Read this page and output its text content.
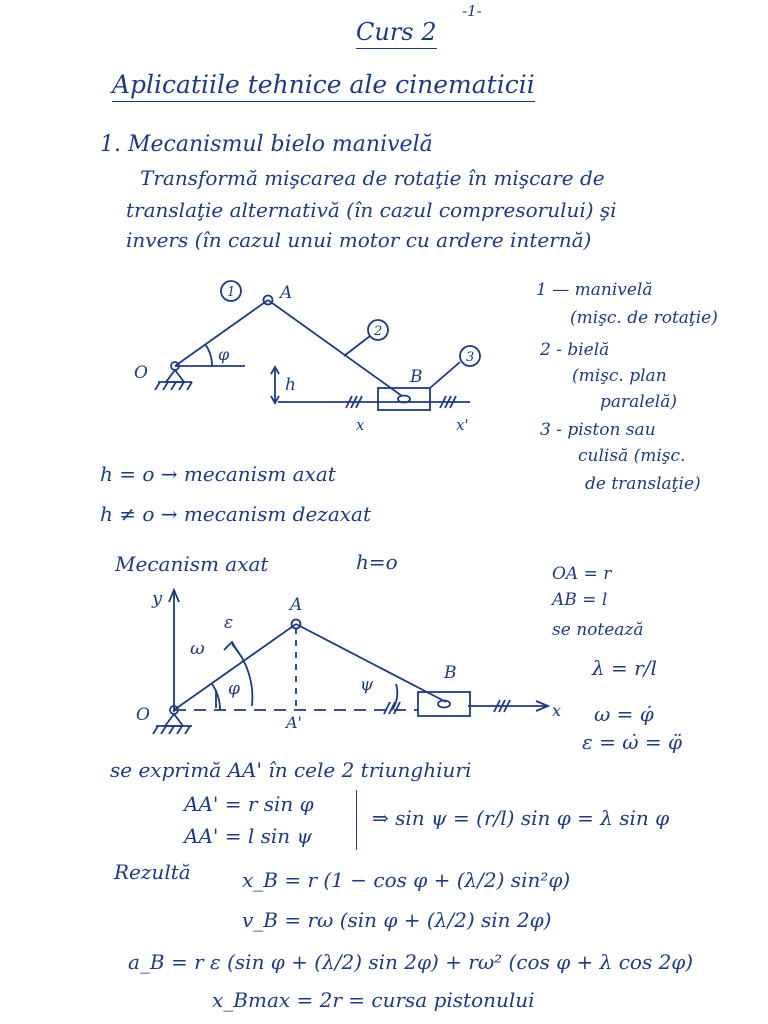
-1-
Curs 2
Aplicatiile tehnice ale cinematicii
1. Mecanismul bielo manivelă
Transformă mişcarea de rotaţie în mişcare de
translaţie alternativă (în cazul compresorului) şi
invers (în cazul unui motor cu ardere internă)
O
A
B
h
φ
x	x'
1
2
3
1 — manivelă
(mişc. de rotaţie)
2 - bielă
(mişc. plan
paralelă)
3 - piston sau
culisă (mişc.
de translaţie)
h = o → mecanism axat
h ≠ o → mecanism dezaxat
Mecanism axat	h=o
y
ε
ω
φ	ψ
O
A
A'
B
x
OA = r
AB = l
se notează
λ = r/l
ω = φ̇
ε = ω̇ = φ̈
se exprimă AA' în cele 2 triunghiuri
AA' = r sin φ
AA' = l sin ψ
⇒ sin ψ = (r/l) sin φ = λ sin φ
Rezultă	x_B = r (1 − cos φ + (λ/2) sin²φ)
v_B = rω (sin φ + (λ/2) sin 2φ)
a_B = r ε (sin φ + (λ/2) sin 2φ) + rω² (cos φ + λ cos 2φ)
x_Bmax = 2r = cursa pistonului
